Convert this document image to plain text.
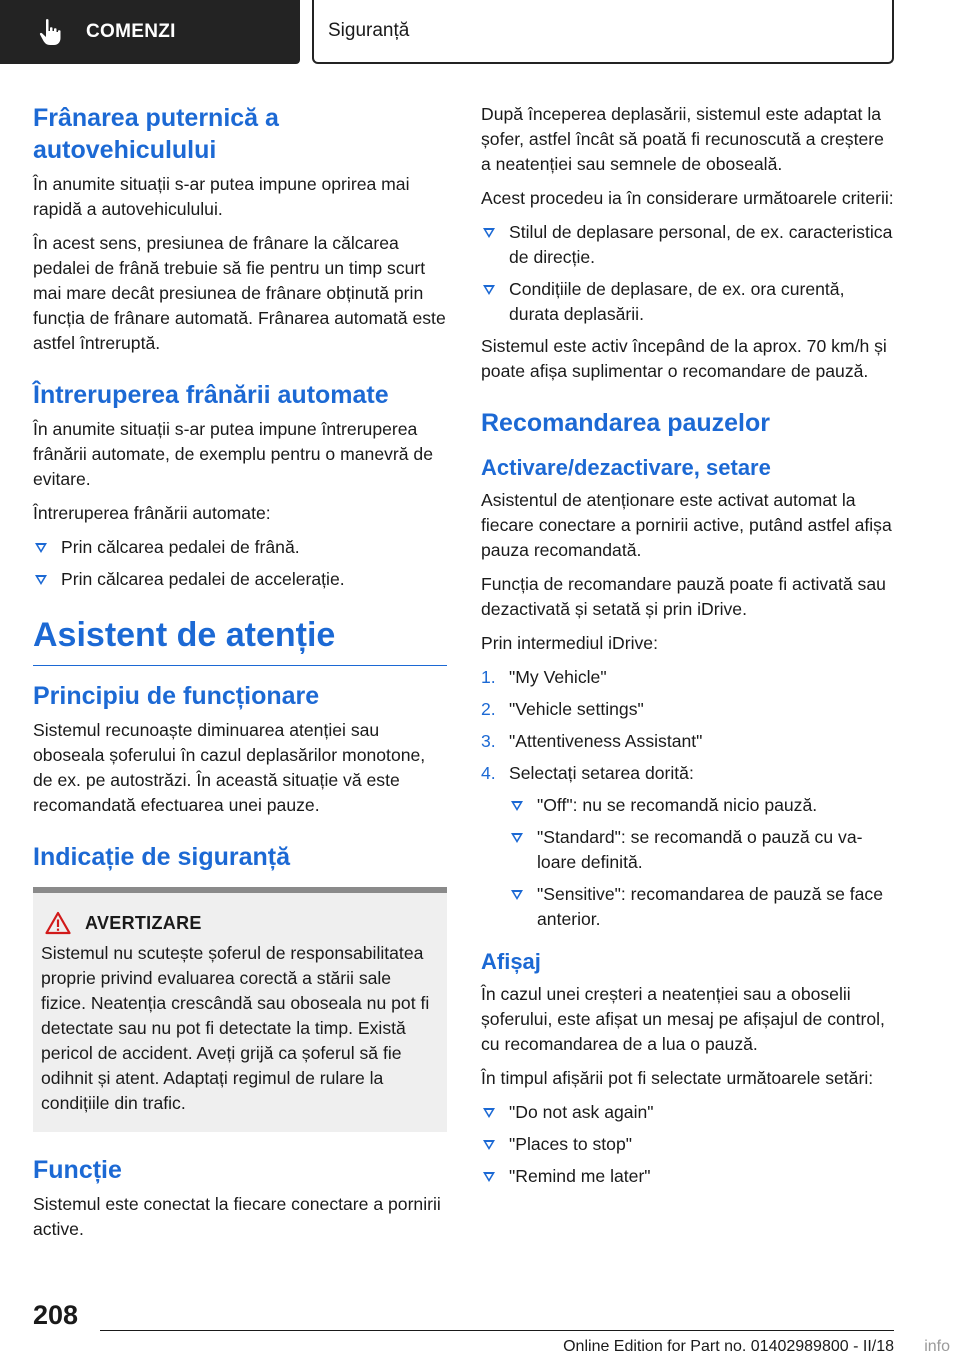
COMENZI	Siguranță
Frânarea puternică a autovehiculului

În anumite situații s-ar putea impune oprirea mai rapidă a autovehiculului.

În acest sens, presiunea de frânare la călcarea pedalei de frână trebuie să fie pentru un timp scurt mai mare decât presiunea de frânare obținută prin funcția de frânare automată. Frânarea automată este astfel întreruptă.

Întreruperea frânării automate

În anumite situații s-ar putea impune întreruperea frânării automate, de exemplu pentru o manevră de evitare.

Întreruperea frânării automate:

Prin călcarea pedalei de frână.
Prin călcarea pedalei de accelerație.
Asistent de atenție
Principiu de funcționare

Sistemul recunoaște diminuarea atenției sau oboseala șoferului în cazul deplasărilor monotone, de ex. pe autostrăzi. În această situație vă este recomandată efectuarea unei pauze.

Indicație de siguranță
AVERTIZARE

Sistemul nu scutește șoferul de responsabilitatea proprie privind evaluarea corectă a stării sale fizice. Neatenția crescândă sau oboseala nu pot fi detectate sau nu pot fi detectate la timp. Există pericol de accident. Aveți grijă ca șoferul să fie odihnit și atent. Adaptați regimul de rulare la condițiile din trafic.

Funcție

Sistemul este conectat la fiecare conectare a pornirii active.

După începerea deplasării, sistemul este adaptat la șofer, astfel încât să poată fi recunoscută a creștere a neatenției sau semnele de oboseală.

Acest procedeu ia în considerare următoarele criterii:

Stilul de deplasare personal, de ex. caracteristica de direcție.
Condițiile de deplasare, de ex. ora curentă, durata deplasării.

Sistemul este activ începând de la aprox. 70 km/h și poate afișa suplimentar o recomandare de pauză.

Recomandarea pauzelor
Activare/dezactivare, setare

Asistentul de atenționare este activat automat la fiecare conectare a pornirii active, putând astfel afișa pauza recomandată.

Funcția de recomandare pauză poate fi activată sau dezactivată și setată și prin iDrive.

Prin intermediul iDrive:

1. "My Vehicle"
2. "Vehicle settings"
3. "Attentiveness Assistant"
4. Selectați setarea dorită:
"Off": nu se recomandă nicio pauză.
"Standard": se recomandă o pauză cu valoare definită.
"Sensitive": recomandarea de pauză se face anterior.
Afișaj

În cazul unei creșteri a neatenției sau a oboselii șoferului, este afișat un mesaj pe afișajul de control, cu recomandarea de a lua o pauză.

În timpul afișării pot fi selectate următoarele setări:

"Do not ask again"
"Places to stop"
"Remind me later"
208
Online Edition for Part no. 01402989800 - II/18 info
